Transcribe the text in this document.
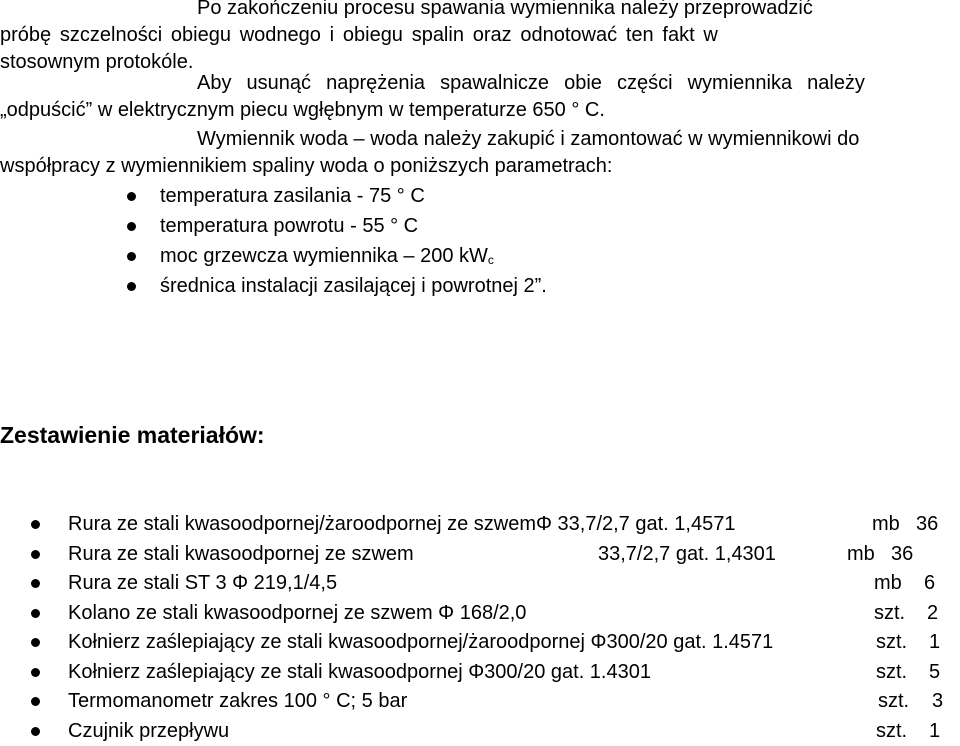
Po zakończeniu procesu spawania wymiennika należy przeprowadzić
próbę szczelności obiegu wodnego i obiegu spalin oraz odnotować ten fakt w
stosownym protokóle.
Aby usunąć naprężenia spawalnicze obie części wymiennika należy
„odpuścić” w elektrycznym piecu wgłębnym w temperaturze 650 ° C.
Wymiennik woda – woda należy zakupić i zamontować w wymiennikowi do
współpracy z wymiennikiem spaliny woda o poniższych parametrach:
temperatura zasilania - 75 ° C
temperatura powrotu - 55 ° C
moc grzewcza wymiennika – 200 $kW_c$
średnica instalacji zasilającej i powrotnej 2”.
Zestawienie materiałów:
Rura ze stali kwasoodpornej/żaroodpornej ze szwemΦ 33,7/2,7 gat. 1,4571	mb 36
Rura ze stali kwasoodpornej ze szwem	33,7/2,7 gat. 1,4301	mb 36
Rura ze stali ST 3 Φ 219,1/4,5	mb 6
Kolano ze stali kwasoodpornej ze szwem Φ 168/2,0	szt. 2
Kołnierz zaślepiający ze stali kwasoodpornej/żaroodpornej Φ300/20 gat. 1.4571	szt. 1
Kołnierz zaślepiający ze stali kwasoodpornej Φ300/20 gat. 1.4301	szt. 5
Termomanometr zakres 100 ° C; 5 bar	szt. 3
Czujnik przepływu	szt. 1
